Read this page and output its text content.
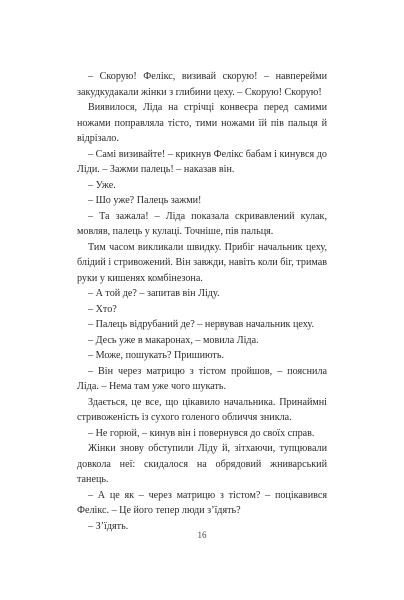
– Скорую! Фелікс, визивай скорую! – навперейми закудкудакали жінки з глибини цеху. – Скорую! Скорую!

Виявилося, Ліда на стрічці конвеєра перед самими ножами поправляла тісто, тими ножами їй пів пальця й відрізало.

– Самі визивайте! – крикнув Фелікс бабам і кинувся до Ліди. – Зажми палець! – наказав він.

– Уже.

– Шо уже? Палець зажми!

– Та зажала! – Ліда показала скривавлений кулак, мовляв, палець у кулаці. Точніше, пів пальця.

Тим часом викликали швидку. Прибіг начальник цеху, блідий і стривожений. Він завжди, навіть коли біг, тримав руки у кишенях комбінезона.

– А той де? – запитав він Ліду.

– Хто?

– Палець відрубаний де? – нервував начальник цеху.

– Десь уже в макаронах, – мовила Ліда.

– Може, пошукать? Пришиють.

– Він через матрицю з тістом пройшов, – пояснила Ліда. – Нема там уже чого шукать.

Здається, це все, що цікавило начальника. Принаймні стривоженість із сухого голеного обличчя зникла.

– Не горюй, – кинув він і повернувся до своїх справ.

Жінки знову обступили Ліду й, зітхаючи, тупцювали довкола неї: скидалося на обрядовий жниварський танець.

– А це як – через матрицю з тістом? – поцікавився Фелікс. – Це його тепер люди з’їдять?

– З’їдять.

16
